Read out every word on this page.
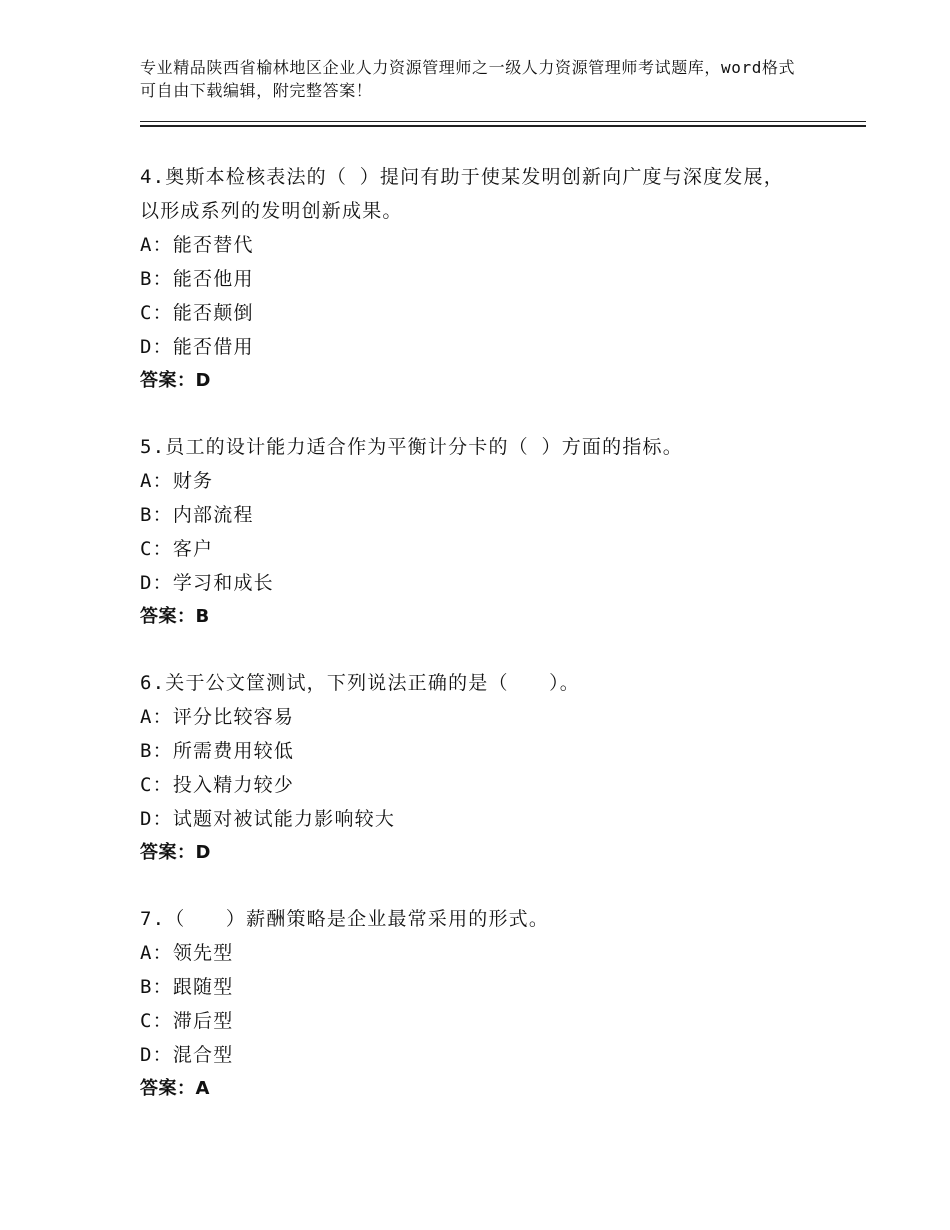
专业精品陕西省榆林地区企业人力资源管理师之一级人力资源管理师考试题库，word格式可自由下载编辑，附完整答案！

4.奥斯本检核表法的（ ）提问有助于使某发明创新向广度与深度发展，以形成系列的发明创新成果。

A：能否替代

B：能否他用

C：能否颠倒

D：能否借用

答案：D

5.员工的设计能力适合作为平衡计分卡的（ ）方面的指标。

A：财务

B：内部流程

C：客户

D：学习和成长

答案：B

6.关于公文筐测试，下列说法正确的是（　　）。

A：评分比较容易

B：所需费用较低

C：投入精力较少

D：试题对被试能力影响较大

答案：D

7.（　　）薪酬策略是企业最常采用的形式。

A：领先型

B：跟随型

C：滞后型

D：混合型

答案：A
